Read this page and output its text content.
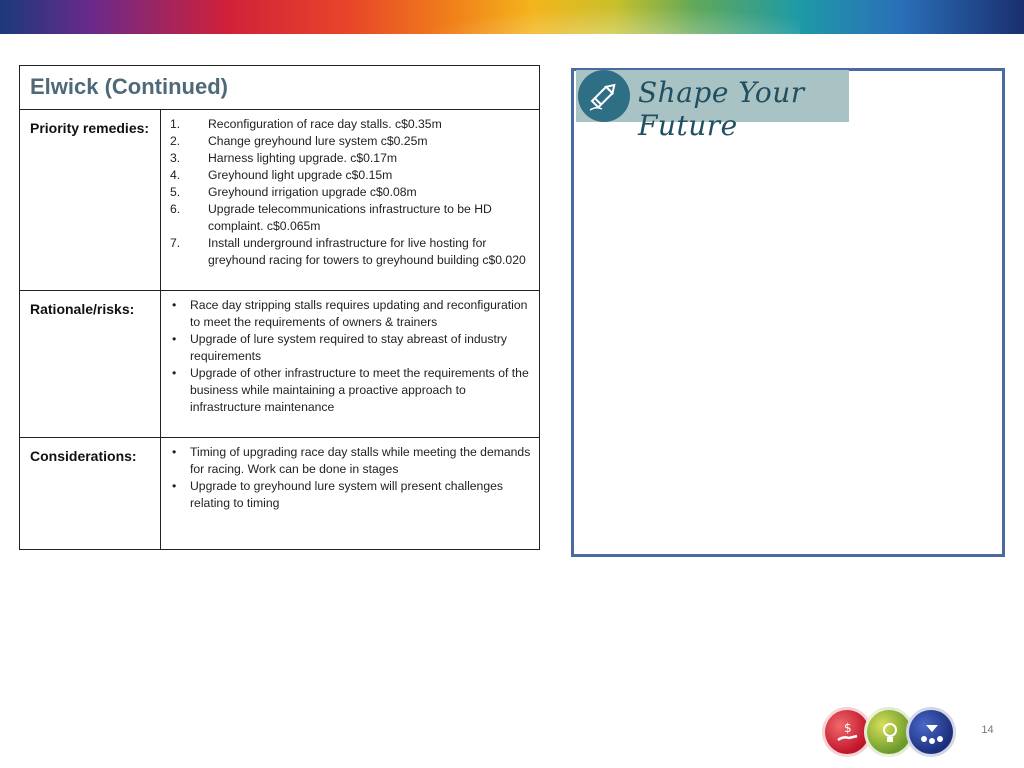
Elwick (Continued)
Priority remedies: 1. Reconfiguration of race day stalls. c$0.35m
2. Change greyhound lure system c$0.25m
3. Harness lighting upgrade. c$0.17m
4. Greyhound light upgrade c$0.15m
5. Greyhound irrigation upgrade c$0.08m
6. Upgrade telecommunications infrastructure to be HD complaint. c$0.065m
7. Install underground infrastructure for live hosting for greyhound racing for towers to greyhound building c$0.020
Rationale/risks:	• Race day stripping stalls requires updating and reconfiguration to meet the requirements of owners & trainers
• Upgrade of lure system required to stay abreast of industry requirements
• Upgrade of other infrastructure to meet the requirements of the business while maintaining a proactive approach to infrastructure maintenance
Considerations:	• Timing of upgrading race day stalls while meeting the demands for racing. Work can be done in stages
• Upgrade to greyhound lure system will present challenges relating to timing
Shape Your Future
$	14
